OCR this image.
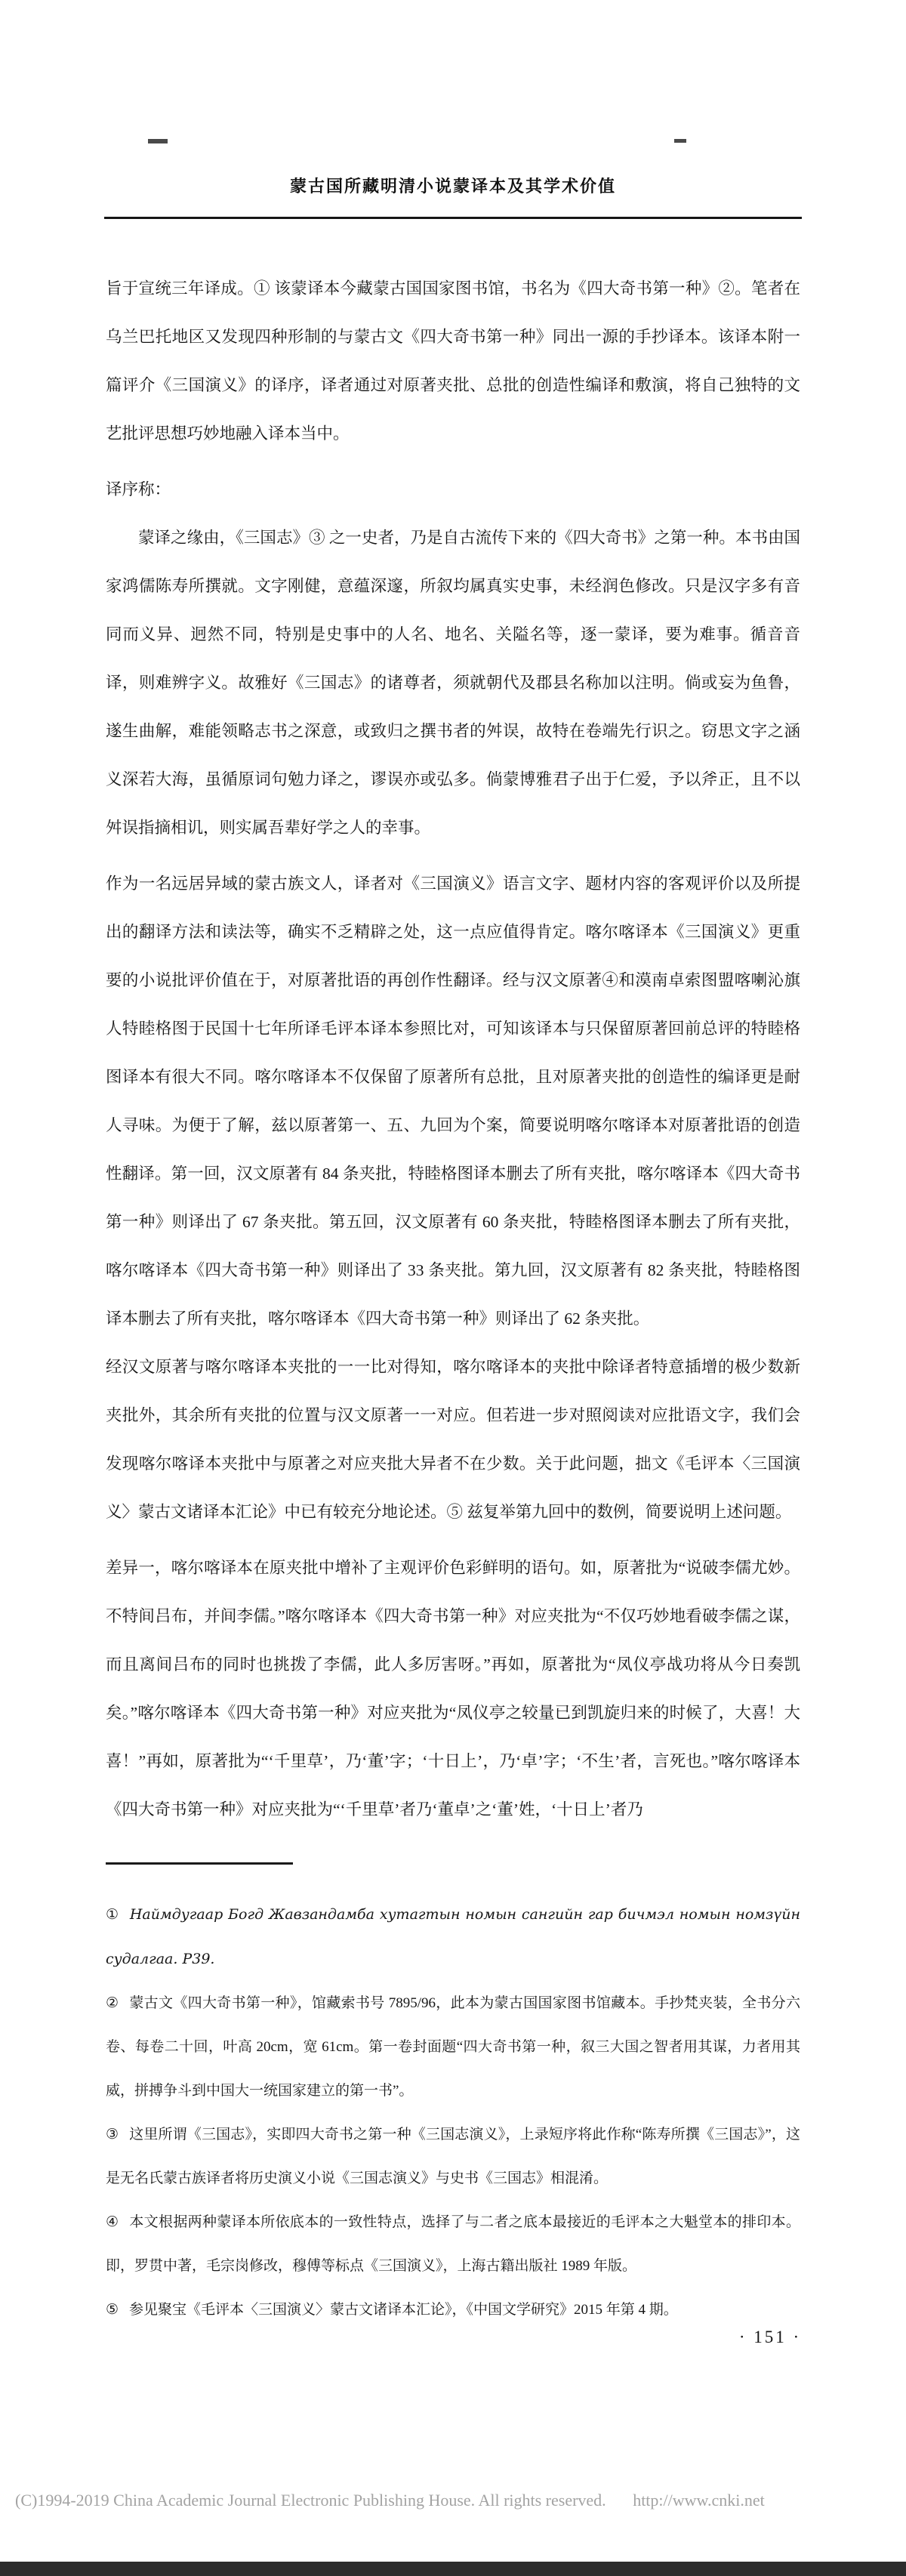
蒙古国所藏明清小说蒙译本及其学术价值

旨于宣统三年译成。① 该蒙译本今藏蒙古国国家图书馆，书名为《四大奇书第一种》②。笔者在乌兰巴托地区又发现四种形制的与蒙古文《四大奇书第一种》同出一源的手抄译本。该译本附一篇评介《三国演义》的译序，译者通过对原著夹批、总批的创造性编译和敷演，将自己独特的文艺批评思想巧妙地融入译本当中。

译序称：

蒙译之缘由，《三国志》③ 之一史者，乃是自古流传下来的《四大奇书》之第一种。本书由国家鸿儒陈寿所撰就。文字刚健，意蕴深邃，所叙均属真实史事，未经润色修改。只是汉字多有音同而义异、迥然不同，特别是史事中的人名、地名、关隘名等，逐一蒙译，要为难事。循音音译，则难辨字义。故雅好《三国志》的诸尊者，须就朝代及郡县名称加以注明。倘或妄为鱼鲁，遂生曲解，难能领略志书之深意，或致归之撰书者的舛误，故特在卷端先行识之。窃思文字之涵义深若大海，虽循原词句勉力译之，谬误亦或弘多。倘蒙博雅君子出于仁爱，予以斧正，且不以舛误指摘相讥，则实属吾辈好学之人的幸事。

作为一名远居异域的蒙古族文人，译者对《三国演义》语言文字、题材内容的客观评价以及所提出的翻译方法和读法等，确实不乏精辟之处，这一点应值得肯定。喀尔喀译本《三国演义》更重要的小说批评价值在于，对原著批语的再创作性翻译。经与汉文原著④和漠南卓索图盟喀喇沁旗人特睦格图于民国十七年所译毛评本译本参照比对，可知该译本与只保留原著回前总评的特睦格图译本有很大不同。喀尔喀译本不仅保留了原著所有总批，且对原著夹批的创造性的编译更是耐人寻味。为便于了解，兹以原著第一、五、九回为个案，简要说明喀尔喀译本对原著批语的创造性翻译。第一回，汉文原著有 84 条夹批，特睦格图译本删去了所有夹批，喀尔喀译本《四大奇书第一种》则译出了 67 条夹批。第五回，汉文原著有 60 条夹批，特睦格图译本删去了所有夹批，喀尔喀译本《四大奇书第一种》则译出了 33 条夹批。第九回，汉文原著有 82 条夹批，特睦格图译本删去了所有夹批，喀尔喀译本《四大奇书第一种》则译出了 62 条夹批。

经汉文原著与喀尔喀译本夹批的一一比对得知，喀尔喀译本的夹批中除译者特意插增的极少数新夹批外，其余所有夹批的位置与汉文原著一一对应。但若进一步对照阅读对应批语文字，我们会发现喀尔喀译本夹批中与原著之对应夹批大异者不在少数。关于此问题，拙文《毛评本〈三国演义〉蒙古文诸译本汇论》中已有较充分地论述。⑤ 兹复举第九回中的数例，简要说明上述问题。

差异一，喀尔喀译本在原夹批中增补了主观评价色彩鲜明的语句。如，原著批为“说破李儒尤妙。不特间吕布，并间李儒。”喀尔喀译本《四大奇书第一种》对应夹批为“不仅巧妙地看破李儒之谋，而且离间吕布的同时也挑拨了李儒，此人多厉害呀。”再如，原著批为“凤仪亭战功将从今日奏凯矣。”喀尔喀译本《四大奇书第一种》对应夹批为“凤仪亭之较量已到凯旋归来的时候了，大喜！大喜！”再如，原著批为“‘千里草’，乃‘董’字；‘十日上’，乃‘卓’字；‘不生’者，言死也。”喀尔喀译本《四大奇书第一种》对应夹批为“‘千里草’者乃‘董卓’之‘董’姓，‘十日上’者乃

① Наймдугаар Богд Жавзандамба хутагтын номын сангийн гар бичмэл номын номзүйн судалгаа. P39.

② 蒙古文《四大奇书第一种》，馆藏索书号 7895/96，此本为蒙古国国家图书馆藏本。手抄梵夹装，全书分六卷、每卷二十回，叶高 20cm，宽 61cm。第一卷封面题“四大奇书第一种，叙三大国之智者用其谋，力者用其威，拼搏争斗到中国大一统国家建立的第一书”。

③ 这里所谓《三国志》，实即四大奇书之第一种《三国志演义》，上录短序将此作称“陈寿所撰《三国志》”，这是无名氏蒙古族译者将历史演义小说《三国志演义》与史书《三国志》相混淆。

④ 本文根据两种蒙译本所依底本的一致性特点，选择了与二者之底本最接近的毛评本之大魁堂本的排印本。即，罗贯中著，毛宗岗修改，穆傅等标点《三国演义》，上海古籍出版社 1989 年版。

⑤ 参见聚宝《毛评本〈三国演义〉蒙古文诸译本汇论》，《中国文学研究》2015 年第 4 期。

· 151 ·
(C)1994-2019 China Academic Journal Electronic Publishing House. All rights reserved. http://www.cnki.net
